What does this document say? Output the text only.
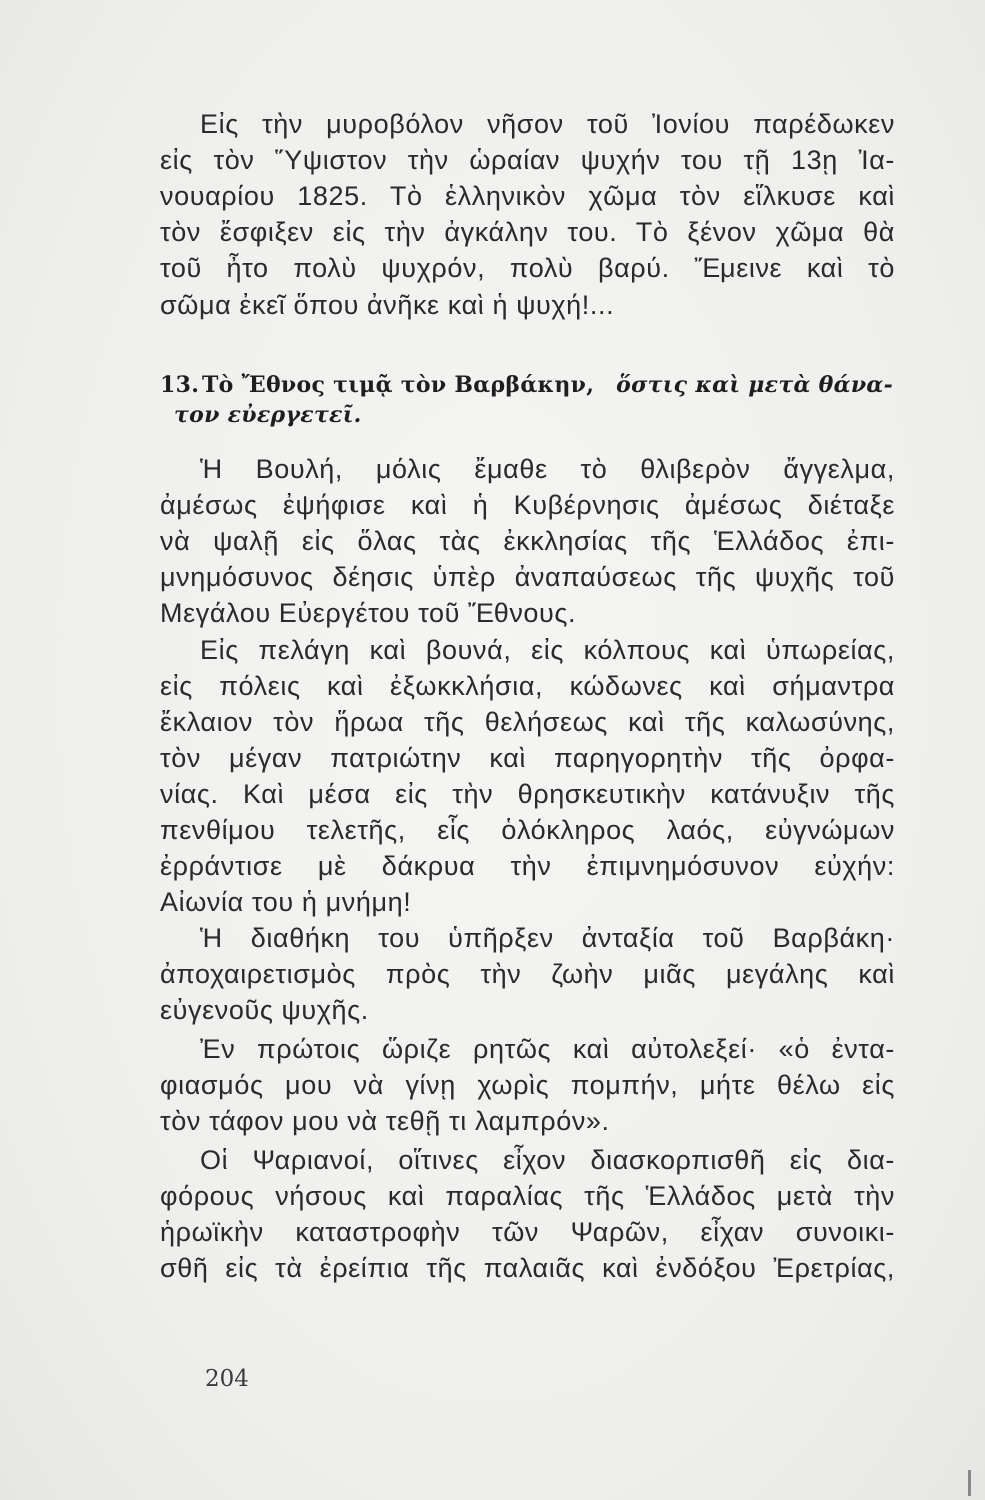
Εἰς τὴν μυροβόλον νῆσον τοῦ Ἰονίου παρέδωκεν
εἰς τὸν Ὕψιστον τὴν ὡραίαν ψυχήν του τῇ 13ῃ Ἰα-
νουαρίου 1825. Τὸ ἑλληνικὸν χῶμα τὸν εἵλκυσε καὶ
τὸν ἔσφιξεν εἰς τὴν ἀγκάλην του. Τὸ ξένον χῶμα θὰ
τοῦ ἦτο πολὺ ψυχρόν, πολὺ βαρύ. Ἔμεινε καὶ τὸ
σῶμα ἐκεῖ ὅπου ἀνῆκε καὶ ἡ ψυχή!...
13. Τὸ Ἔθνος τιμᾷ τὸν Βαρβάκην, ὅστις καὶ μετὰ θάνα-
τον εὐεργετεῖ.
Ἡ Βουλή, μόλις ἔμαθε τὸ θλιβερὸν ἄγγελμα,
ἀμέσως ἐψήφισε καὶ ἡ Κυβέρνησις ἀμέσως διέταξε
νὰ ψαλῇ εἰς ὅλας τὰς ἐκκλησίας τῆς Ἑλλάδος ἐπι-
μνημόσυνος δέησις ὑπὲρ ἀναπαύσεως τῆς ψυχῆς τοῦ
Μεγάλου Εὐεργέτου τοῦ Ἔθνους.
Εἰς πελάγη καὶ βουνά, εἰς κόλπους καὶ ὑπωρείας,
εἰς πόλεις καὶ ἐξωκκλήσια, κώδωνες καὶ σήμαντρα
ἔκλαιον τὸν ἥρωα τῆς θελήσεως καὶ τῆς καλωσύνης,
τὸν μέγαν πατριώτην καὶ παρηγορητὴν τῆς ὀρφα-
νίας. Καὶ μέσα εἰς τὴν θρησκευτικὴν κατάνυξιν τῆς
πενθίμου τελετῆς, εἷς ὁλόκληρος λαός, εὐγνώμων
ἐρράντισε μὲ δάκρυα τὴν ἐπιμνημόσυνον εὐχήν:
Αἰωνία του ἡ μνήμη!
Ἡ διαθήκη του ὑπῆρξεν ἀνταξία τοῦ Βαρβάκη·
ἀποχαιρετισμὸς πρὸς τὴν ζωὴν μιᾶς μεγάλης καὶ
εὐγενοῦς ψυχῆς.
Ἐν πρώτοις ὥριζε ρητῶς καὶ αὐτολεξεί· «ὁ ἐντα-
φιασμός μου νὰ γίνῃ χωρὶς πομπήν, μήτε θέλω εἰς
τὸν τάφον μου νὰ τεθῇ τι λαμπρόν».
Οἱ Ψαριανοί, οἵτινες εἶχον διασκορπισθῆ εἰς δια-
φόρους νήσους καὶ παραλίας τῆς Ἑλλάδος μετὰ τὴν
ἡρωϊκὴν καταστροφὴν τῶν Ψαρῶν, εἶχαν συνοικι-
σθῆ εἰς τὰ ἐρείπια τῆς παλαιᾶς καὶ ἐνδόξου Ἐρετρίας,
204
